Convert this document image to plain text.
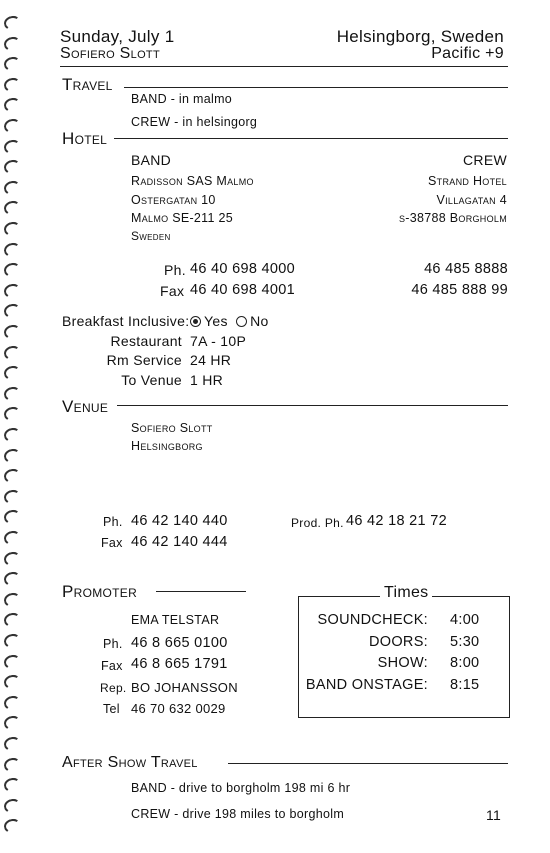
Sunday, July 1
Sofiero Slott
Helsingborg, Sweden
Pacific +9
Travel
BAND - in malmo
CREW - in helsingorg
Hotel
BAND
Radisson SAS Malmo
Ostergatan 10
Malmo SE-211 25
Sweden
CREW
Strand Hotel
Villagatan 4
s-38788 Borgholm
Ph.
Fax
46 40 698 4000
46 40 698 4001
46 485 8888
46 485 888 99
Breakfast Inclusive:	Yes No
Restaurant 7A - 10P
Rm Service 24 HR
To Venue 1 HR
Venue
Sofiero Slott
Helsingborg
Ph. 46 42 140 440
Fax 46 42 140 444
Prod. Ph. 46 42 18 21 72
Promoter
EMA TELSTAR
Ph. 46 8 665 0100
Fax 46 8 665 1791
Rep. BO JOHANSSON
Tel 46 70 632 0029
Times
SOUNDCHECK: 4:00
DOORS: 5:30
SHOW: 8:00
BAND ONSTAGE: 8:15
After Show Travel
BAND - drive to borgholm 198 mi 6 hr
CREW - drive 198 miles to borgholm	11
